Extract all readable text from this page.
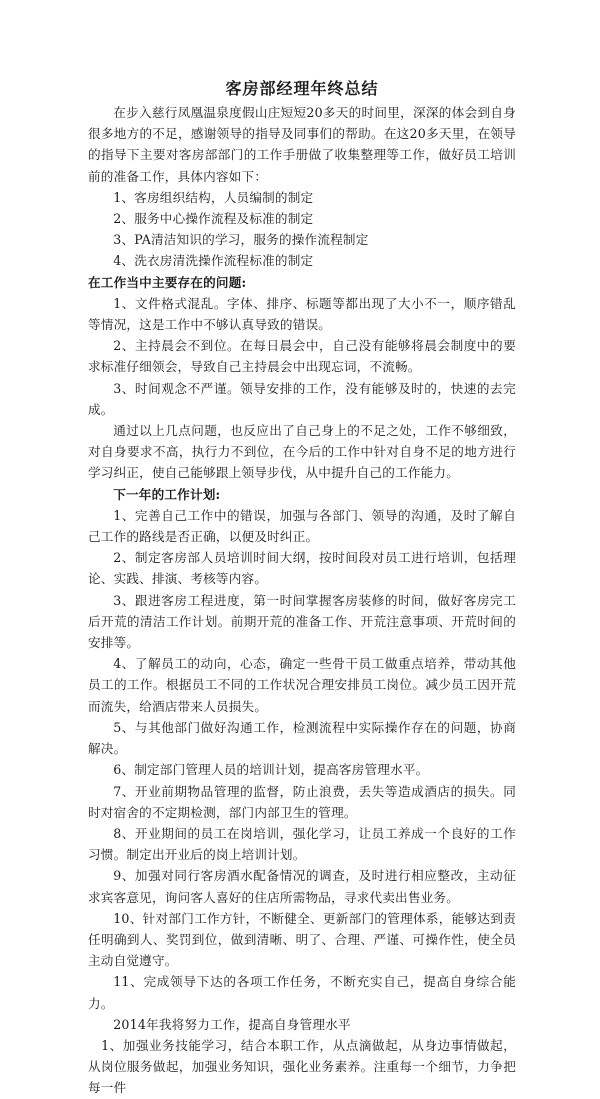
客房部经理年终总结

在步入慈行凤凰温泉度假山庄短短20多天的时间里，深深的体会到自身很多地方的不足，感谢领导的指导及同事们的帮助。在这20多天里，在领导的指导下主要对客房部部门的工作手册做了收集整理等工作，做好员工培训前的准备工作，具体内容如下：

1、客房组织结构，人员编制的制定

2、服务中心操作流程及标准的制定

3、PA清洁知识的学习，服务的操作流程制定

4、洗衣房清洗操作流程标准的制定

在工作当中主要存在的问题:

1、文件格式混乱。字体、排序、标题等都出现了大小不一，顺序错乱等情况，这是工作中不够认真导致的错误。

2、主持晨会不到位。在每日晨会中，自己没有能够将晨会制度中的要求标准仔细领会，导致自己主持晨会中出现忘词，不流畅。

3、时间观念不严谨。领导安排的工作，没有能够及时的，快速的去完成。

通过以上几点问题，也反应出了自己身上的不足之处，工作不够细致，对自身要求不高，执行力不到位，在今后的工作中针对自身不足的地方进行学习纠正，使自己能够跟上领导步伐，从中提升自己的工作能力。

下一年的工作计划:

1、完善自己工作中的错误，加强与各部门、领导的沟通，及时了解自己工作的路线是否正确，以便及时纠正。

2、制定客房部人员培训时间大纲，按时间段对员工进行培训，包括理论、实践、排演、考核等内容。

3、跟进客房工程进度，第一时间掌握客房装修的时间，做好客房完工后开荒的清洁工作计划。前期开荒的准备工作、开荒注意事项、开荒时间的安排等。

4、了解员工的动向，心态，确定一些骨干员工做重点培养，带动其他员工的工作。根据员工不同的工作状况合理安排员工岗位。减少员工因开荒而流失，给酒店带来人员损失。

5、与其他部门做好沟通工作，检测流程中实际操作存在的问题，协商解决。

6、制定部门管理人员的培训计划，提高客房管理水平。

7、开业前期物品管理的监督，防止浪费，丢失等造成酒店的损失。同时对宿舍的不定期检测，部门内部卫生的管理。

8、开业期间的员工在岗培训，强化学习，让员工养成一个良好的工作习惯。制定出开业后的岗上培训计划。

9、加强对同行客房酒水配备情况的调查，及时进行相应整改，主动征求宾客意见，询问客人喜好的住店所需物品，寻求代卖出售业务。

10、针对部门工作方针，不断健全、更新部门的管理体系，能够达到责任明确到人、奖罚到位，做到清晰、明了、合理、严谨、可操作性，使全员主动自觉遵守。

11、完成领导下达的各项工作任务，不断充实自己，提高自身综合能力。

2014年我将努力工作，提高自身管理水平

　1、加强业务技能学习，结合本职工作，从点滴做起，从身边事情做起，从岗位服务做起，加强业务知识，强化业务素养。注重每一个细节，力争把每一件
